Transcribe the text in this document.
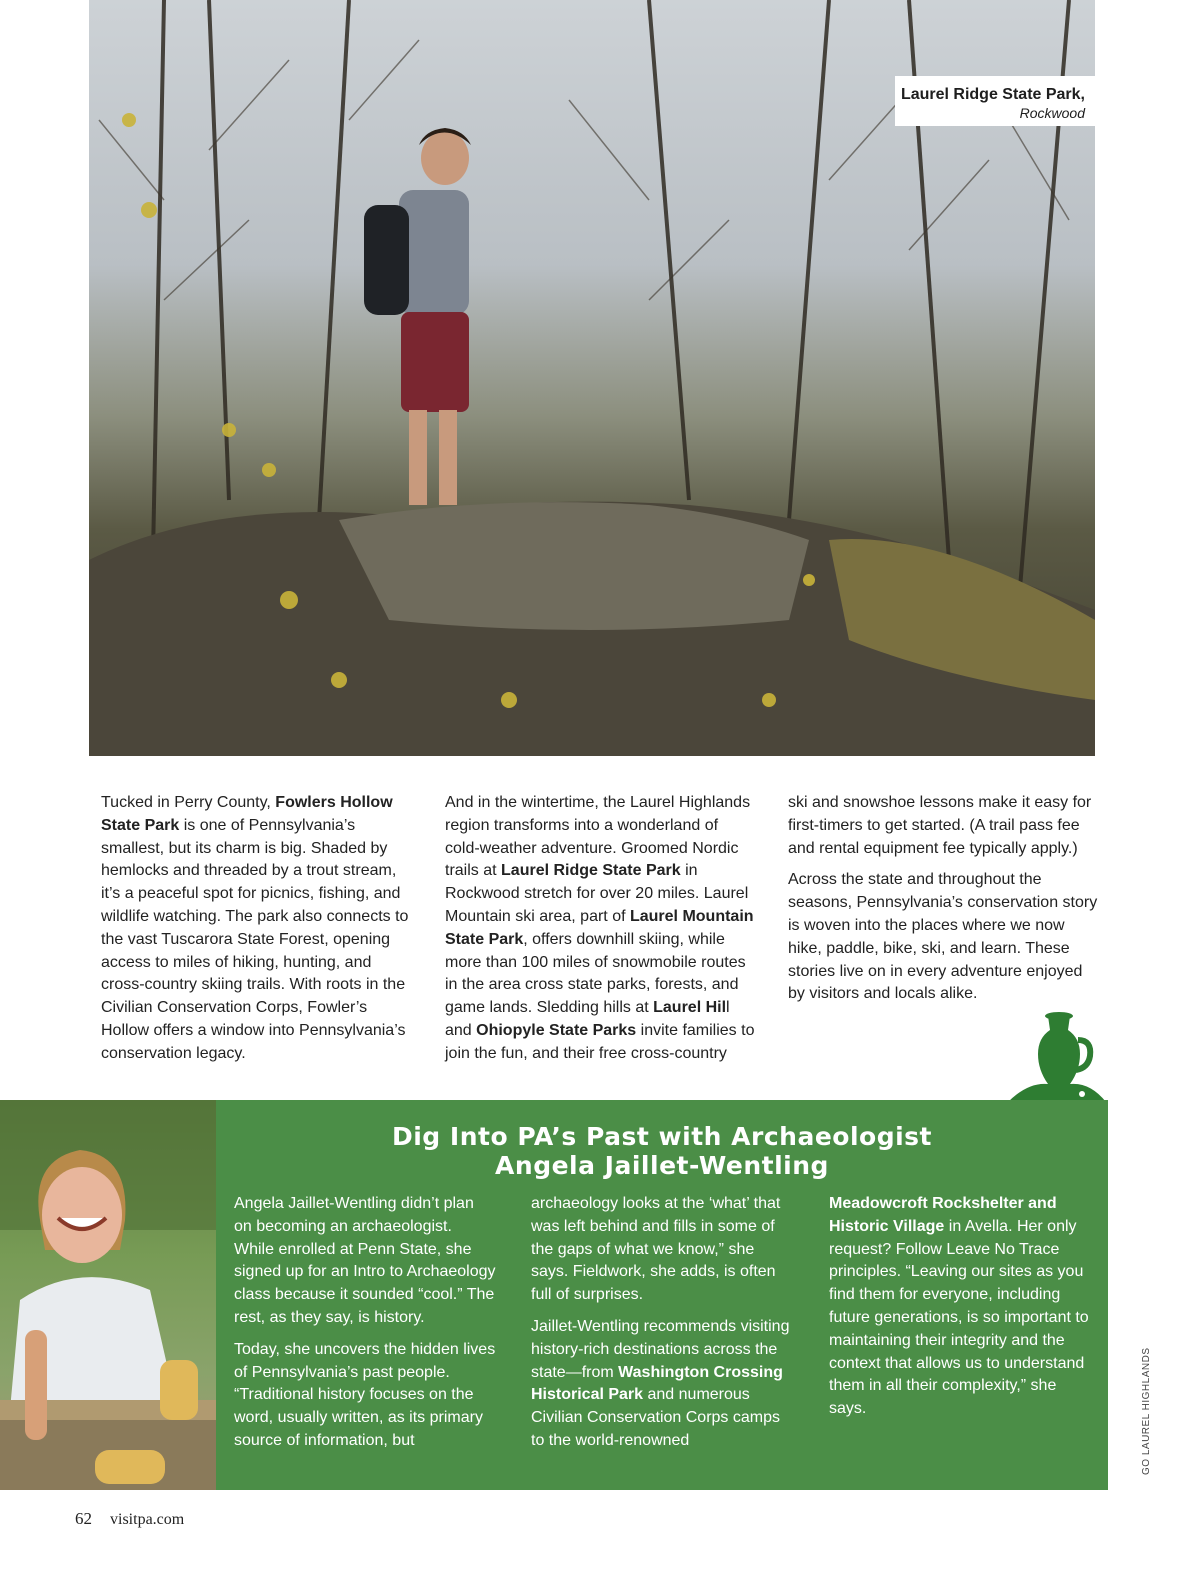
Laurel Ridge State Park,
Rockwood

Tucked in Perry County, Fowlers Hollow State Park is one of Pennsylvania’s smallest, but its charm is big. Shaded by hemlocks and threaded by a trout stream, it’s a peaceful spot for picnics, fishing, and wildlife watching. The park also connects to the vast Tuscarora State Forest, opening access to miles of hiking, hunting, and cross-country skiing trails. With roots in the Civilian Conservation Corps, Fowler’s Hollow offers a window into Pennsylvania’s conservation legacy.

And in the wintertime, the Laurel Highlands region transforms into a wonderland of cold-weather adventure. Groomed Nordic trails at Laurel Ridge State Park in Rockwood stretch for over 20 miles. Laurel Mountain ski area, part of Laurel Mountain State Park, offers downhill skiing, while more than 100 miles of snowmobile routes in the area cross state parks, forests, and game lands. Sledding hills at Laurel Hill and Ohiopyle State Parks invite families to join the fun, and their free cross-country

ski and snowshoe lessons make it easy for first-timers to get started. (A trail pass fee and rental equipment fee typically apply.)

Across the state and throughout the seasons, Pennsylvania’s conservation story is woven into the places where we now hike, paddle, bike, ski, and learn. These stories live on in every adventure enjoyed by visitors and locals alike.

Dig Into PA’s Past with Archaeologist
Angela Jaillet-Wentling

Angela Jaillet-Wentling didn’t plan on becoming an archaeologist. While enrolled at Penn State, she signed up for an Intro to Archaeology class because it sounded “cool.” The rest, as they say, is history.

Today, she uncovers the hidden lives of Pennsylvania’s past people. “Traditional history focuses on the word, usually written, as its primary source of information, but

archaeology looks at the ‘what’ that was left behind and fills in some of the gaps of what we know,” she says. Fieldwork, she adds, is often full of surprises.

Jaillet-Wentling recommends visiting history-rich destinations across the state—from Washington Crossing Historical Park and numerous Civilian Conservation Corps camps to the world-renowned

Meadowcroft Rockshelter and Historic Village in Avella. Her only request? Follow Leave No Trace principles. “Leaving our sites as you find them for everyone, including future generations, is so important to maintaining their integrity and the context that allows us to understand them in all their complexity,” she says.	GO LAUREL HIGHLANDS
62 visitpa.com
